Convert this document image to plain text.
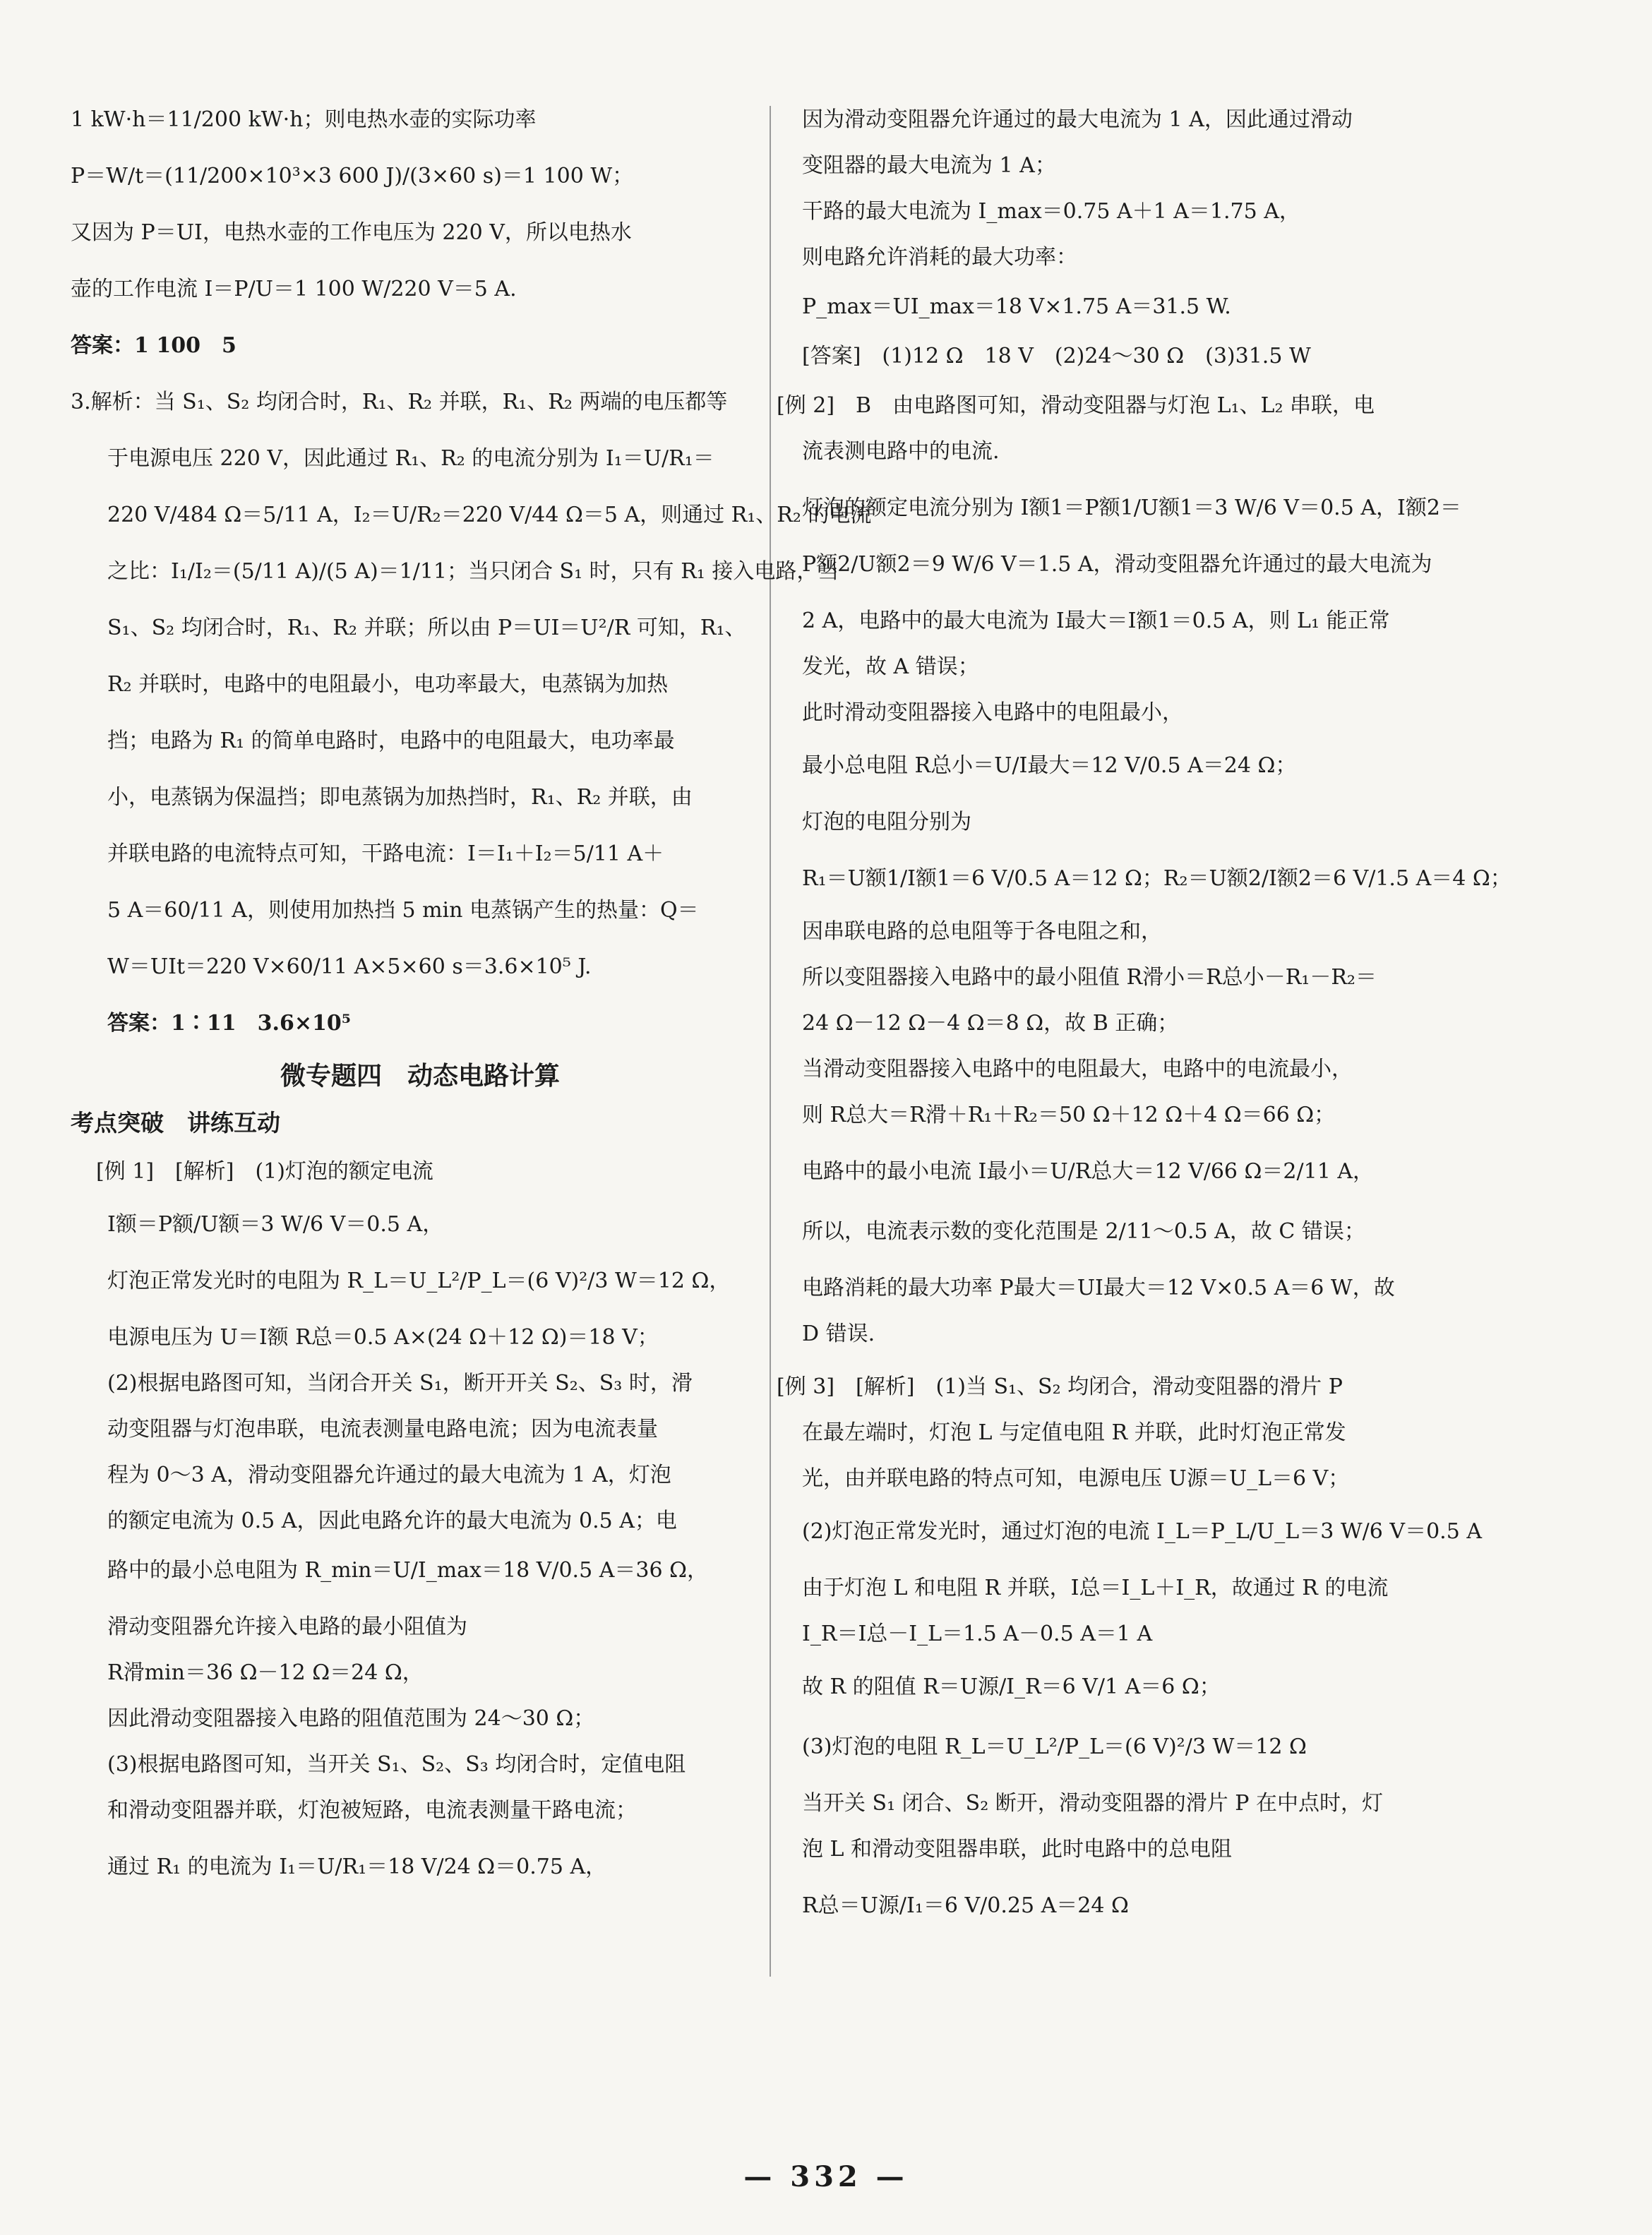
1 kW·h＝11/200 kW·h；则电热水壶的实际功率
P＝W/t＝(11/200×10³×3 600 J)/(3×60 s)＝1 100 W；
又因为 P＝UI，电热水壶的工作电压为 220 V，所以电热水
壶的工作电流 I＝P/U＝1 100 W/220 V＝5 A.
答案：1 100　5
3.解析：当 S₁、S₂ 均闭合时，R₁、R₂ 并联，R₁、R₂ 两端的电压都等
于电源电压 220 V，因此通过 R₁、R₂ 的电流分别为 I₁＝U/R₁＝
220 V/484 Ω＝5/11 A，I₂＝U/R₂＝220 V/44 Ω＝5 A，则通过 R₁、R₂ 的电流
之比：I₁/I₂＝(5/11 A)/(5 A)＝1/11；当只闭合 S₁ 时，只有 R₁ 接入电路，当
S₁、S₂ 均闭合时，R₁、R₂ 并联；所以由 P＝UI＝U²/R 可知，R₁、
R₂ 并联时，电路中的电阻最小，电功率最大，电蒸锅为加热
挡；电路为 R₁ 的简单电路时，电路中的电阻最大，电功率最
小，电蒸锅为保温挡；即电蒸锅为加热挡时，R₁、R₂ 并联，由
并联电路的电流特点可知，干路电流：I＝I₁＋I₂＝5/11 A＋
5 A＝60/11 A，则使用加热挡 5 min 电蒸锅产生的热量：Q＝
W＝UIt＝220 V×60/11 A×5×60 s＝3.6×10⁵ J.
答案：1∶11　3.6×10⁵
微专题四　动态电路计算
考点突破　讲练互动
[例 1]　[解析]　(1)灯泡的额定电流
I额＝P额/U额＝3 W/6 V＝0.5 A，
灯泡正常发光时的电阻为 R_L＝U_L²/P_L＝(6 V)²/3 W＝12 Ω，
电源电压为 U＝I额 R总＝0.5 A×(24 Ω＋12 Ω)＝18 V；
(2)根据电路图可知，当闭合开关 S₁，断开开关 S₂、S₃ 时，滑
动变阻器与灯泡串联，电流表测量电路电流；因为电流表量
程为 0～3 A，滑动变阻器允许通过的最大电流为 1 A，灯泡
的额定电流为 0.5 A，因此电路允许的最大电流为 0.5 A；电
路中的最小总电阻为 R_min＝U/I_max＝18 V/0.5 A＝36 Ω，
滑动变阻器允许接入电路的最小阻值为
R滑min＝36 Ω－12 Ω＝24 Ω，
因此滑动变阻器接入电路的阻值范围为 24～30 Ω；
(3)根据电路图可知，当开关 S₁、S₂、S₃ 均闭合时，定值电阻
和滑动变阻器并联，灯泡被短路，电流表测量干路电流；
通过 R₁ 的电流为 I₁＝U/R₁＝18 V/24 Ω＝0.75 A，
因为滑动变阻器允许通过的最大电流为 1 A，因此通过滑动
变阻器的最大电流为 1 A；
干路的最大电流为 I_max＝0.75 A＋1 A＝1.75 A，
则电路允许消耗的最大功率：
P_max＝UI_max＝18 V×1.75 A＝31.5 W.
[答案]　(1)12 Ω　18 V　(2)24～30 Ω　(3)31.5 W
[例 2]　B　由电路图可知，滑动变阻器与灯泡 L₁、L₂ 串联，电
流表测电路中的电流.
灯泡的额定电流分别为 I额1＝P额1/U额1＝3 W/6 V＝0.5 A，I额2＝
P额2/U额2＝9 W/6 V＝1.5 A，滑动变阻器允许通过的最大电流为
2 A，电路中的最大电流为 I最大＝I额1＝0.5 A，则 L₁ 能正常
发光，故 A 错误；
此时滑动变阻器接入电路中的电阻最小，
最小总电阻 R总小＝U/I最大＝12 V/0.5 A＝24 Ω；
灯泡的电阻分别为
R₁＝U额1/I额1＝6 V/0.5 A＝12 Ω；R₂＝U额2/I额2＝6 V/1.5 A＝4 Ω；
因串联电路的总电阻等于各电阻之和，
所以变阻器接入电路中的最小阻值 R滑小＝R总小－R₁－R₂＝
24 Ω－12 Ω－4 Ω＝8 Ω，故 B 正确；
当滑动变阻器接入电路中的电阻最大，电路中的电流最小，
则 R总大＝R滑＋R₁＋R₂＝50 Ω＋12 Ω＋4 Ω＝66 Ω；
电路中的最小电流 I最小＝U/R总大＝12 V/66 Ω＝2/11 A，
所以，电流表示数的变化范围是 2/11～0.5 A，故 C 错误；
电路消耗的最大功率 P最大＝UI最大＝12 V×0.5 A＝6 W，故
D 错误.
[例 3]　[解析]　(1)当 S₁、S₂ 均闭合，滑动变阻器的滑片 P
在最左端时，灯泡 L 与定值电阻 R 并联，此时灯泡正常发
光，由并联电路的特点可知，电源电压 U源＝U_L＝6 V；
(2)灯泡正常发光时，通过灯泡的电流 I_L＝P_L/U_L＝3 W/6 V＝0.5 A
由于灯泡 L 和电阻 R 并联，I总＝I_L＋I_R，故通过 R 的电流
I_R＝I总－I_L＝1.5 A－0.5 A＝1 A
故 R 的阻值 R＝U源/I_R＝6 V/1 A＝6 Ω；
(3)灯泡的电阻 R_L＝U_L²/P_L＝(6 V)²/3 W＝12 Ω
当开关 S₁ 闭合、S₂ 断开，滑动变阻器的滑片 P 在中点时，灯
泡 L 和滑动变阻器串联，此时电路中的总电阻
R总＝U源/I₁＝6 V/0.25 A＝24 Ω
— 332 —
